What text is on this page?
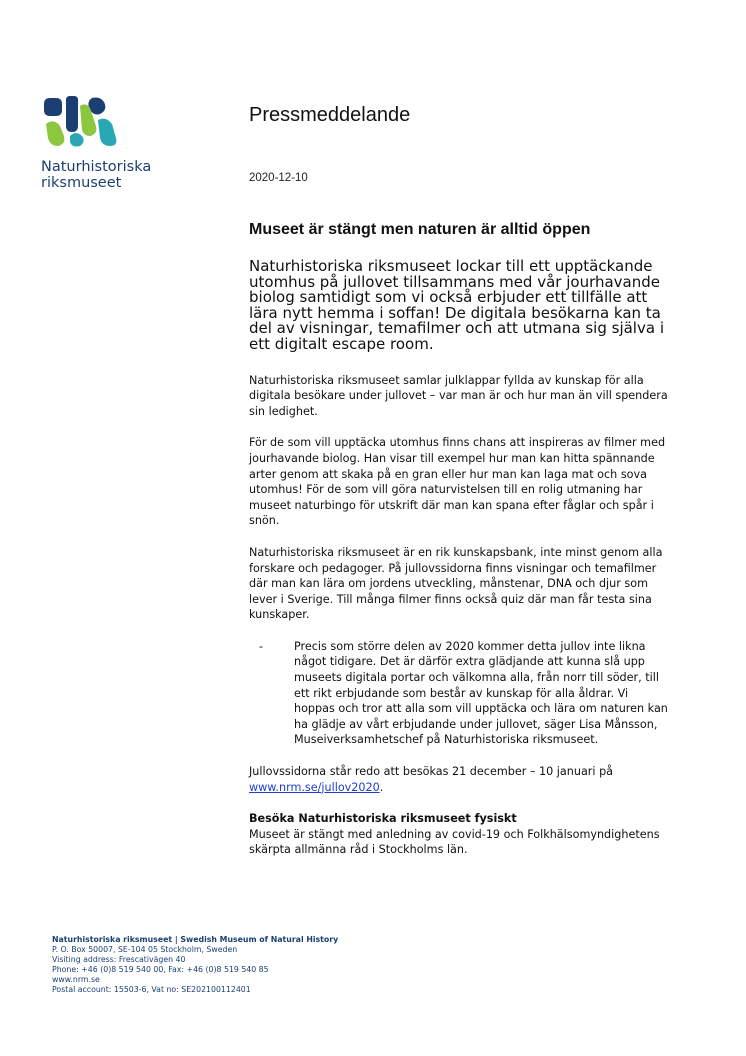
Naturhistoriska
riksmuseet
Pressmeddelande
2020-12-10
Museet är stängt men naturen är alltid öppen

Naturhistoriska riksmuseet lockar till ett upptäckande utomhus på jullovet tillsammans med vår jourhavande biolog samtidigt som vi också erbjuder ett tillfälle att lära nytt hemma i soffan! De digitala besökarna kan ta del av visningar, temafilmer och att utmana sig själva i ett digitalt escape room.

Naturhistoriska riksmuseet samlar julklappar fyllda av kunskap för alla digitala besökare under jullovet – var man är och hur man än vill spendera sin ledighet.

För de som vill upptäcka utomhus finns chans att inspireras av filmer med jourhavande biolog. Han visar till exempel hur man kan hitta spännande arter genom att skaka på en gran eller hur man kan laga mat och sova utomhus! För de som vill göra naturvistelsen till en rolig utmaning har museet naturbingo för utskrift där man kan spana efter fåglar och spår i snön.

Naturhistoriska riksmuseet är en rik kunskapsbank, inte minst genom alla forskare och pedagoger. På jullovssidorna finns visningar och temafilmer där man kan lära om jordens utveckling, månstenar, DNA och djur som lever i Sverige. Till många filmer finns också quiz där man får testa sina kunskaper.

-	Precis som större delen av 2020 kommer detta jullov inte likna något tidigare. Det är därför extra glädjande att kunna slå upp museets digitala portar och välkomna alla, från norr till söder, till ett rikt erbjudande som består av kunskap för alla åldrar. Vi hoppas och tror att alla som vill upptäcka och lära om naturen kan ha glädje av vårt erbjudande under jullovet, säger Lisa Månsson, Museiverksamhetschef på Naturhistoriska riksmuseet.

Jullovssidorna står redo att besökas 21 december – 10 januari på www.nrm.se/jullov2020.

Besöka Naturhistoriska riksmuseet fysiskt
Museet är stängt med anledning av covid-19 och Folkhälsomyndighetens skärpta allmänna råd i Stockholms län.
Naturhistoriska riksmuseet | Swedish Museum of Natural History
P. O. Box 50007, SE-104 05 Stockholm, Sweden
Visiting address: Frescativägen 40
Phone: +46 (0)8 519 540 00, Fax: +46 (0)8 519 540 85
www.nrm.se
Postal account: 15503-6, Vat no: SE202100112401
